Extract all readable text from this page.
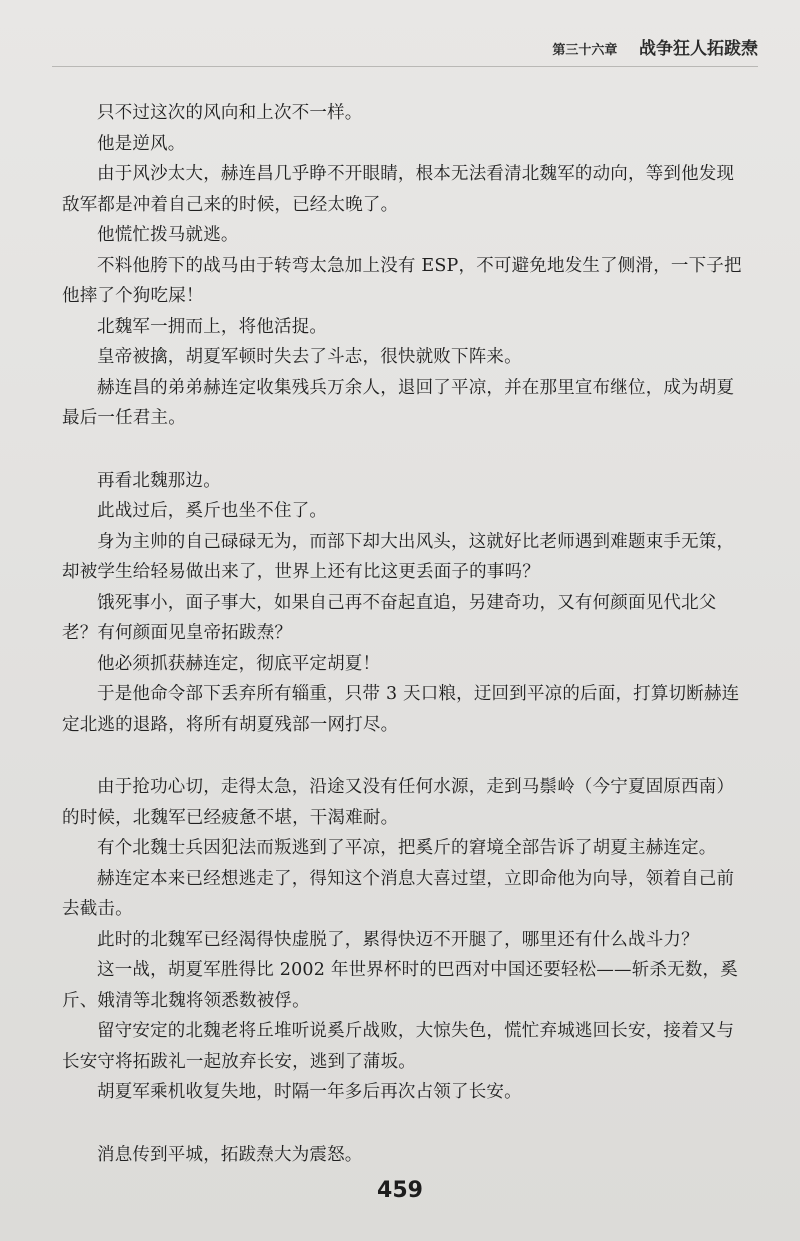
第三十六章 战争狂人拓跋焘

只不过这次的风向和上次不一样。

他是逆风。

由于风沙太大，赫连昌几乎睁不开眼睛，根本无法看清北魏军的动向，等到他发现敌军都是冲着自己来的时候，已经太晚了。

他慌忙拨马就逃。

不料他胯下的战马由于转弯太急加上没有 ESP，不可避免地发生了侧滑，一下子把他摔了个狗吃屎！

北魏军一拥而上，将他活捉。

皇帝被擒，胡夏军顿时失去了斗志，很快就败下阵来。

赫连昌的弟弟赫连定收集残兵万余人，退回了平凉，并在那里宣布继位，成为胡夏最后一任君主。

再看北魏那边。

此战过后，奚斤也坐不住了。

身为主帅的自己碌碌无为，而部下却大出风头，这就好比老师遇到难题束手无策，却被学生给轻易做出来了，世界上还有比这更丢面子的事吗？

饿死事小，面子事大，如果自己再不奋起直追，另建奇功，又有何颜面见代北父老？有何颜面见皇帝拓跋焘？

他必须抓获赫连定，彻底平定胡夏！

于是他命令部下丢弃所有辎重，只带 3 天口粮，迂回到平凉的后面，打算切断赫连定北逃的退路，将所有胡夏残部一网打尽。

由于抢功心切，走得太急，沿途又没有任何水源，走到马鬃岭（今宁夏固原西南）的时候，北魏军已经疲惫不堪，干渴难耐。

有个北魏士兵因犯法而叛逃到了平凉，把奚斤的窘境全部告诉了胡夏主赫连定。

赫连定本来已经想逃走了，得知这个消息大喜过望，立即命他为向导，领着自己前去截击。

此时的北魏军已经渴得快虚脱了，累得快迈不开腿了，哪里还有什么战斗力？

这一战，胡夏军胜得比 2002 年世界杯时的巴西对中国还要轻松——斩杀无数，奚斤、娥清等北魏将领悉数被俘。

留守安定的北魏老将丘堆听说奚斤战败，大惊失色，慌忙弃城逃回长安，接着又与长安守将拓跋礼一起放弃长安，逃到了蒲坂。

胡夏军乘机收复失地，时隔一年多后再次占领了长安。

消息传到平城，拓跋焘大为震怒。

459
